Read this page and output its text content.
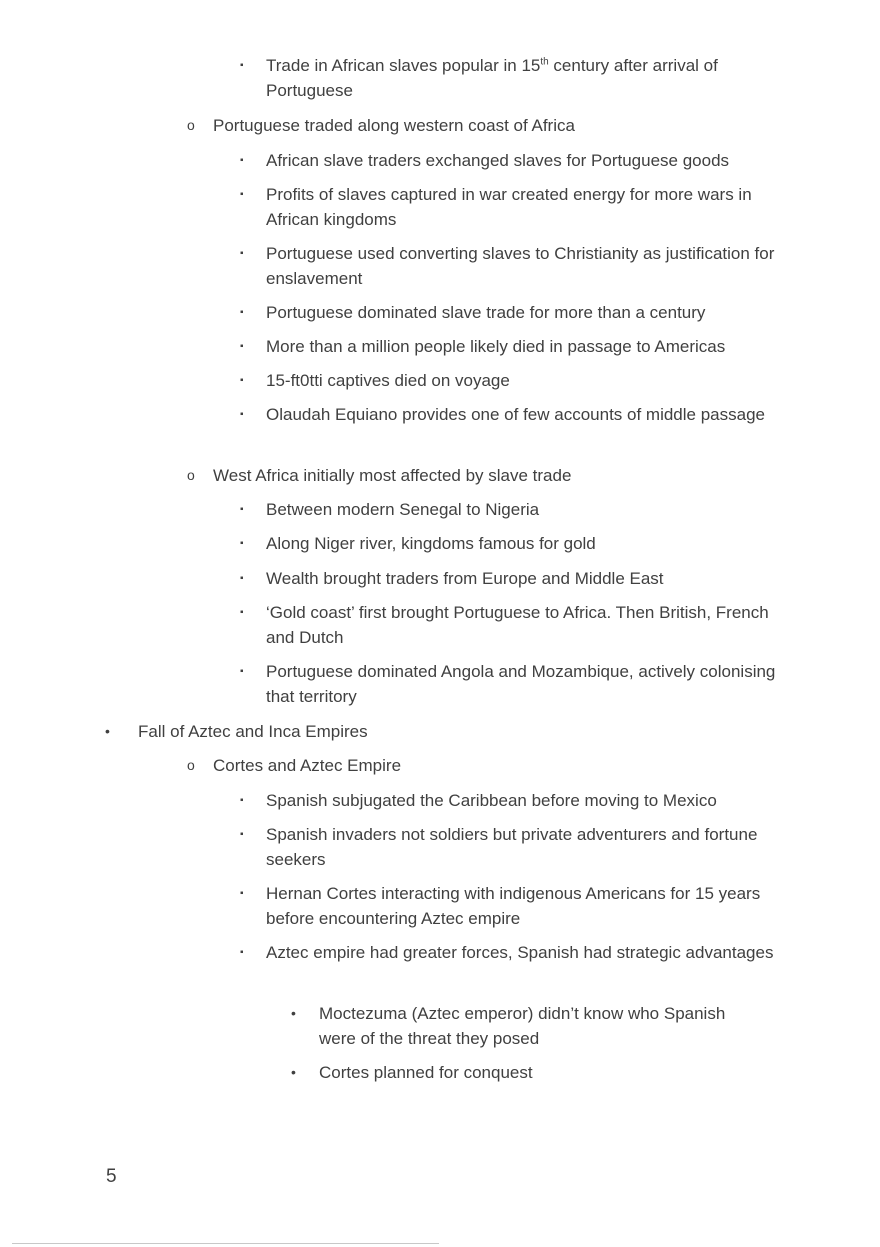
▪ Trade in African slaves popular in 15th century after arrival of Portuguese
o Portuguese traded along western coast of Africa
▪ African slave traders exchanged slaves for Portuguese goods
▪ Profits of slaves captured in war created energy for more wars in African kingdoms
▪ Portuguese used converting slaves to Christianity as justification for enslavement
▪ Portuguese dominated slave trade for more than a century
▪ More than a million people likely died in passage to Americas
▪ 15-ft0tti captives died on voyage
▪ Olaudah Equiano provides one of few accounts of middle passage
o West Africa initially most affected by slave trade
▪ Between modern Senegal to Nigeria
▪ Along Niger river, kingdoms famous for gold
▪ Wealth brought traders from Europe and Middle East
▪ ‘Gold coast’ first brought Portuguese to Africa. Then British, French and Dutch
▪ Portuguese dominated Angola and Mozambique, actively colonising that territory
• Fall of Aztec and Inca Empires
o Cortes and Aztec Empire
▪ Spanish subjugated the Caribbean before moving to Mexico
▪ Spanish invaders not soldiers but private adventurers and fortune seekers
▪ Hernan Cortes interacting with indigenous Americans for 15 years before encountering Aztec empire
▪ Aztec empire had greater forces, Spanish had strategic advantages
• Moctezuma (Aztec emperor) didn’t know who Spanish were of the threat they posed
• Cortes planned for conquest
5
